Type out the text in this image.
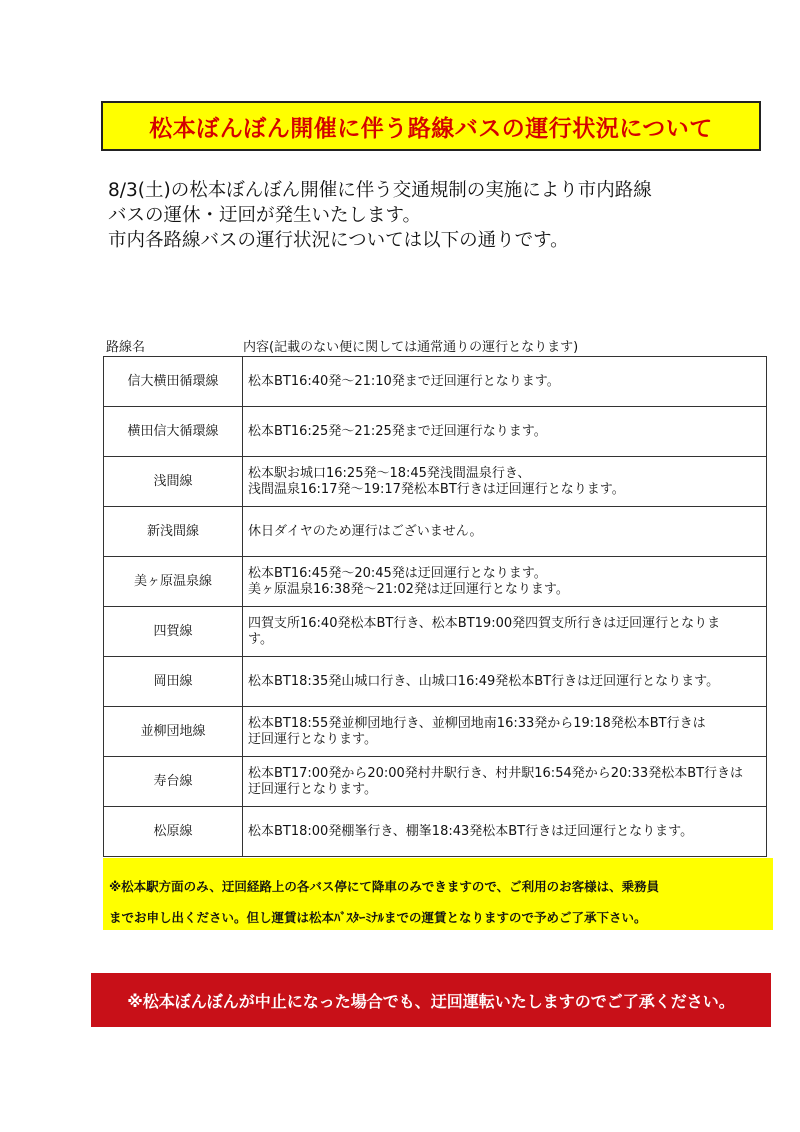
松本ぼんぼん開催に伴う路線バスの運行状況について
8/3(土)の松本ぼんぼん開催に伴う交通規制の実施により市内路線
バスの運休・迂回が発生いたします。
市内各路線バスの運行状況については以下の通りです。
路線名	内容(記載のない便に関しては通常通りの運行となります)
信大横田循環線	松本BT16:40発～21:10発まで迂回運行となります。

横田信大循環線	松本BT16:25発～21:25発まで迂回運行なります。

浅間線	松本駅お城口16:25発～18:45発浅間温泉行き、
浅間温泉16:17発～19:17発松本BT行きは迂回運行となります。

新浅間線	休日ダイヤのため運行はございません。

美ヶ原温泉線	松本BT16:45発～20:45発は迂回運行となります。
美ヶ原温泉16:38発～21:02発は迂回運行となります。

四賀線	四賀支所16:40発松本BT行き、松本BT19:00発四賀支所行きは迂回運行となりま
す。

岡田線	松本BT18:35発山城口行き、山城口16:49発松本BT行きは迂回運行となります。

並柳団地線	松本BT18:55発並柳団地行き、並柳団地南16:33発から19:18発松本BT行きは
迂回運行となります。

寿台線	松本BT17:00発から20:00発村井駅行き、村井駅16:54発から20:33発松本BT行きは
迂回運行となります。

松原線	松本BT18:00発棚峯行き、棚峯18:43発松本BT行きは迂回運行となります。
※松本駅方面のみ、迂回経路上の各バス停にて降車のみできますので、ご利用のお客様は、乗務員
までお申し出ください。但し運賃は松本ﾊﾞｽﾀｰﾐﾅﾙまでの運賃となりますので予めご了承下さい。
※松本ぼんぼんが中止になった場合でも、迂回運転いたしますのでご了承ください。
